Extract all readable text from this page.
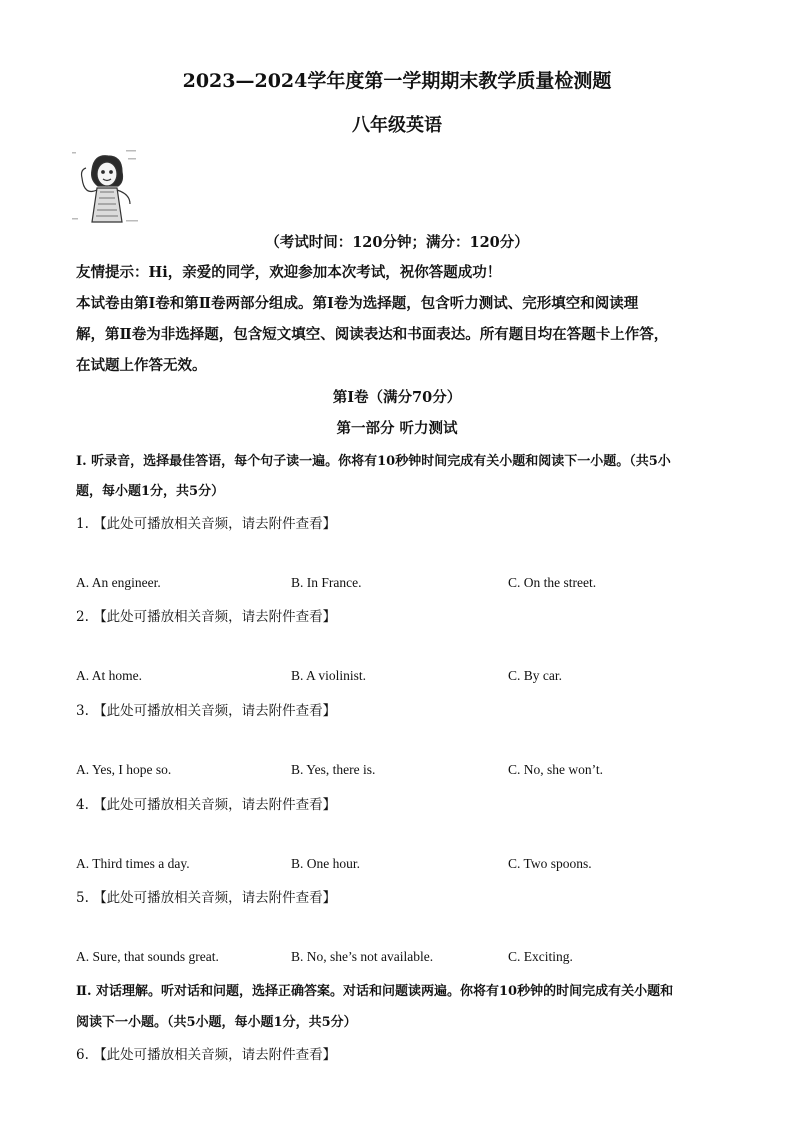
2023—2024学年度第一学期期末教学质量检测题
八年级英语
（考试时间：120分钟；满分：120分）
友情提示：Hi，亲爱的同学，欢迎参加本次考试，祝你答题成功！
本试卷由第Ⅰ卷和第Ⅱ卷两部分组成。第Ⅰ卷为选择题，包含听力测试、完形填空和阅读理
解，第Ⅱ卷为非选择题，包含短文填空、阅读表达和书面表达。所有题目均在答题卡上作答，
在试题上作答无效。
第Ⅰ卷（满分70分）
第一部分 听力测试
I. 听录音，选择最佳答语，每个句子读一遍。你将有10秒钟时间完成有关小题和阅读下一小题。（共5小
题，每小题1分，共5分）
1. 【此处可播放相关音频，请去附件查看】
A. An engineer.	B. In France.	C. On the street.
2. 【此处可播放相关音频，请去附件查看】
A. At home.	B. A violinist.	C. By car.
3. 【此处可播放相关音频，请去附件查看】
A. Yes, I hope so.	B. Yes, there is.	C. No, she won’t.
4. 【此处可播放相关音频，请去附件查看】
A. Third times a day.	B. One hour.	C. Two spoons.
5. 【此处可播放相关音频，请去附件查看】
A. Sure, that sounds great.	B. No, she’s not available.	C. Exciting.
Ⅱ. 对话理解。听对话和问题，选择正确答案。对话和问题读两遍。你将有10秒钟的时间完成有关小题和
阅读下一小题。（共5小题，每小题1分，共5分）
6. 【此处可播放相关音频，请去附件查看】
